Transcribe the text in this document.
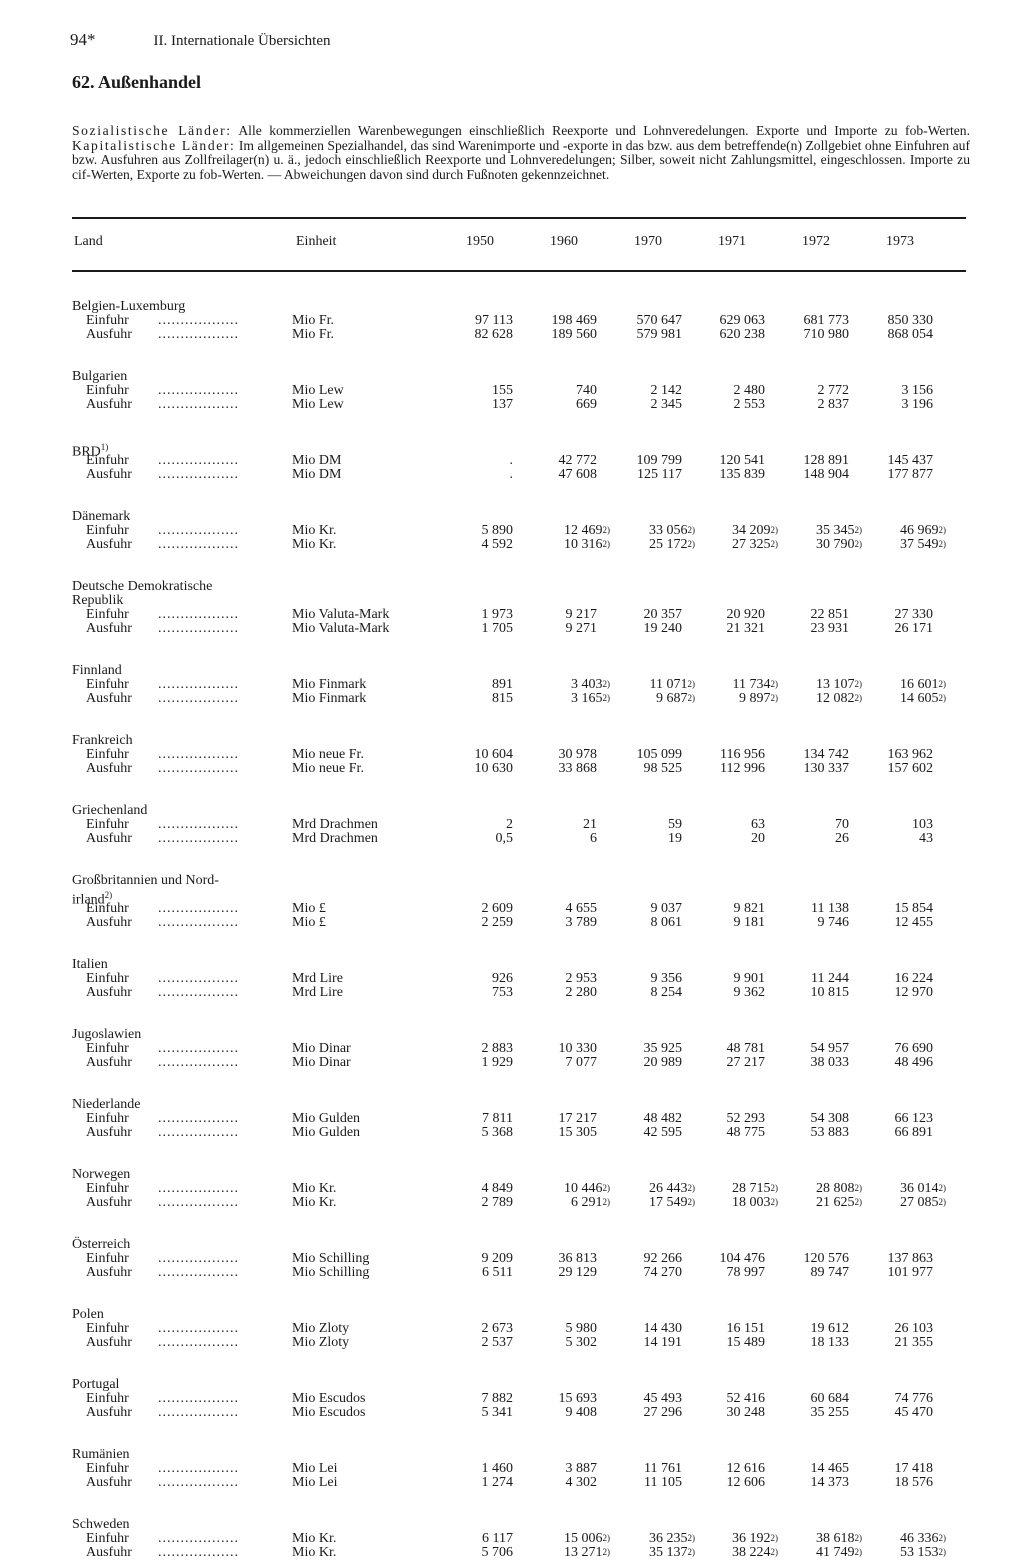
94*	II. Internationale Übersichten
62. Außenhandel
Sozialistische Länder: Alle kommerziellen Warenbewegungen einschließlich Reexporte und Lohnveredelungen. Exporte und Importe zu fob-Werten. Kapitalistische Länder: Im allgemeinen Spezialhandel, das sind Warenimporte und -exporte in das bzw. aus dem betreffende(n) Zollgebiet ohne Einfuhren auf bzw. Ausfuhren aus Zollfreilager(n) u. ä., jedoch einschließlich Reexporte und Lohnveredelungen; Silber, soweit nicht Zahlungsmittel, eingeschlossen. Importe zu cif-Werten, Exporte zu fob-Werten. — Abweichungen davon sind durch Fußnoten gekennzeichnet.
Land	Einheit	1950	1960	1970	1971	1972	1973
Belgien-Luxemburg
Einfuhr ..................	Mio Fr.	97 113	198 469	570 647	629 063	681 773	850 330
Ausfuhr ..................	Mio Fr.	82 628	189 560	579 981	620 238	710 980	868 054
Bulgarien
Einfuhr ..................	Mio Lew	155	740	2 142	2 480	2 772	3 156
Ausfuhr ..................	Mio Lew	137	669	2 345	2 553	2 837	3 196
BRD$^{1)}$
Einfuhr ..................	Mio DM	.	42 772	109 799	120 541	128 891	145 437
Ausfuhr ..................	Mio DM	.	47 608	125 117	135 839	148 904	177 877
Dänemark
Einfuhr ..................	Mio Kr.	5 890	12 469$^{2)}$	33 056$^{2)}$	34 209$^{2)}$	35 345$^{2)}$	46 969$^{2)}$
Ausfuhr ..................	Mio Kr.	4 592	10 316$^{2)}$	25 172$^{2)}$	27 325$^{2)}$	30 790$^{2)}$	37 549$^{2)}$
Deutsche Demokratische
Republik
Einfuhr ..................	Mio Valuta-Mark	1 973	9 217	20 357	20 920	22 851	27 330
Ausfuhr ..................	Mio Valuta-Mark	1 705	9 271	19 240	21 321	23 931	26 171
Finnland
Einfuhr ..................	Mio Finmark	891	3 403$^{2)}$	11 071$^{2)}$	11 734$^{2)}$	13 107$^{2)}$	16 601$^{2)}$
Ausfuhr ..................	Mio Finmark	815	3 165$^{2)}$	9 687$^{2)}$	9 897$^{2)}$	12 082$^{2)}$	14 605$^{2)}$
Frankreich
Einfuhr ..................	Mio neue Fr.	10 604	30 978	105 099	116 956	134 742	163 962
Ausfuhr ..................	Mio neue Fr.	10 630	33 868	98 525	112 996	130 337	157 602
Griechenland
Einfuhr ..................	Mrd Drachmen	2	21	59	63	70	103
Ausfuhr ..................	Mrd Drachmen	0,5	6	19	20	26	43
Großbritannien und Nord-
irland$^{2)}$
Einfuhr ..................	Mio £	2 609	4 655	9 037	9 821	11 138	15 854
Ausfuhr ..................	Mio £	2 259	3 789	8 061	9 181	9 746	12 455
Italien
Einfuhr ..................	Mrd Lire	926	2 953	9 356	9 901	11 244	16 224
Ausfuhr ..................	Mrd Lire	753	2 280	8 254	9 362	10 815	12 970
Jugoslawien
Einfuhr ..................	Mio Dinar	2 883	10 330	35 925	48 781	54 957	76 690
Ausfuhr ..................	Mio Dinar	1 929	7 077	20 989	27 217	38 033	48 496
Niederlande
Einfuhr ..................	Mio Gulden	7 811	17 217	48 482	52 293	54 308	66 123
Ausfuhr ..................	Mio Gulden	5 368	15 305	42 595	48 775	53 883	66 891
Norwegen
Einfuhr ..................	Mio Kr.	4 849	10 446$^{2)}$	26 443$^{2)}$	28 715$^{2)}$	28 808$^{2)}$	36 014$^{2)}$
Ausfuhr ..................	Mio Kr.	2 789	6 291$^{2)}$	17 549$^{2)}$	18 003$^{2)}$	21 625$^{2)}$	27 085$^{2)}$
Österreich
Einfuhr ..................	Mio Schilling	9 209	36 813	92 266	104 476	120 576	137 863
Ausfuhr ..................	Mio Schilling	6 511	29 129	74 270	78 997	89 747	101 977
Polen
Einfuhr ..................	Mio Zloty	2 673	5 980	14 430	16 151	19 612	26 103
Ausfuhr ..................	Mio Zloty	2 537	5 302	14 191	15 489	18 133	21 355
Portugal
Einfuhr ..................	Mio Escudos	7 882	15 693	45 493	52 416	60 684	74 776
Ausfuhr ..................	Mio Escudos	5 341	9 408	27 296	30 248	35 255	45 470
Rumänien
Einfuhr ..................	Mio Lei	1 460	3 887	11 761	12 616	14 465	17 418
Ausfuhr ..................	Mio Lei	1 274	4 302	11 105	12 606	14 373	18 576
Schweden
Einfuhr ..................	Mio Kr.	6 117	15 006$^{2)}$	36 235$^{2)}$	36 192$^{2)}$	38 618$^{2)}$	46 336$^{2)}$
Ausfuhr ..................	Mio Kr.	5 706	13 271$^{2)}$	35 137$^{2)}$	38 224$^{2)}$	41 749$^{2)}$	53 153$^{2)}$
